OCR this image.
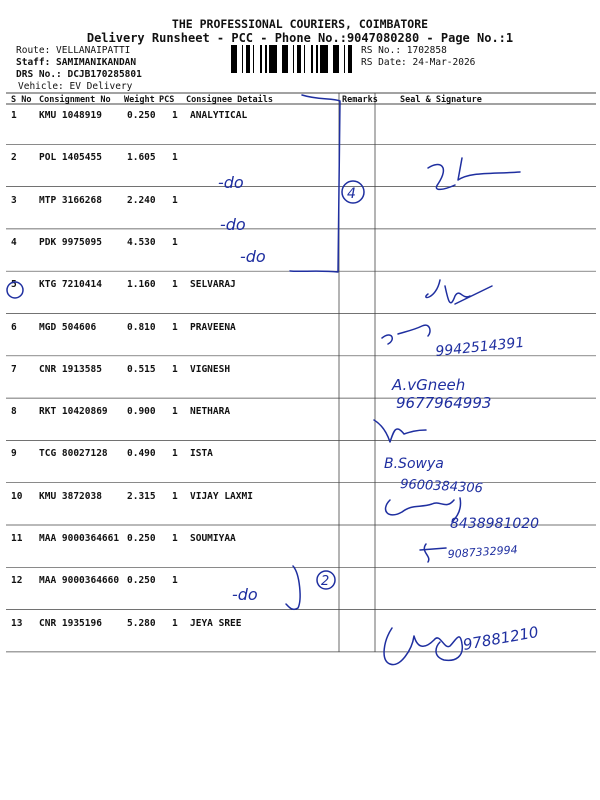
THE PROFESSIONAL COURIERS, COIMBATORE
Delivery Runsheet - PCC - Phone No.:9047080280 - Page No.:1
Route: VELLANAIPATTI
Staff: SAMIMANIKANDAN
DRS No.: DCJB170285801
Vehicle: EV Delivery
RS No.: 1702858
RS Date: 24-Mar-2026
S No Consignment No Weight PCS Consignee Details	Remarks	Seal & Signature
1 KMU 1048919	0.250 1 ANALYTICAL
2 POL 1405455	1.605 1
3 MTP 3166268	2.240 1
4 PDK 9975095	4.530 1
5 KTG 7210414	1.160 1 SELVARAJ
6 MGD 504606	0.810 1 PRAVEENA
7 CNR 1913585	0.515 1 VIGNESH
8 RKT 10420869 0.900 1 NETHARA
9 TCG 80027128 0.490 1 ISTA
10 KMU 3872038	2.315 1 VIJAY LAXMI
11 MAA 9000364661 0.250 1 SOUMIYAA
12 MAA 9000364660 0.250 1
13 CNR 1935196	5.280 1 JEYA SREE
-do
-do
-do
4
9942514391
A.vGneeh
9677964993
B.Sowya
9600384306
8438981020
9087332994
-do
2
97881210
